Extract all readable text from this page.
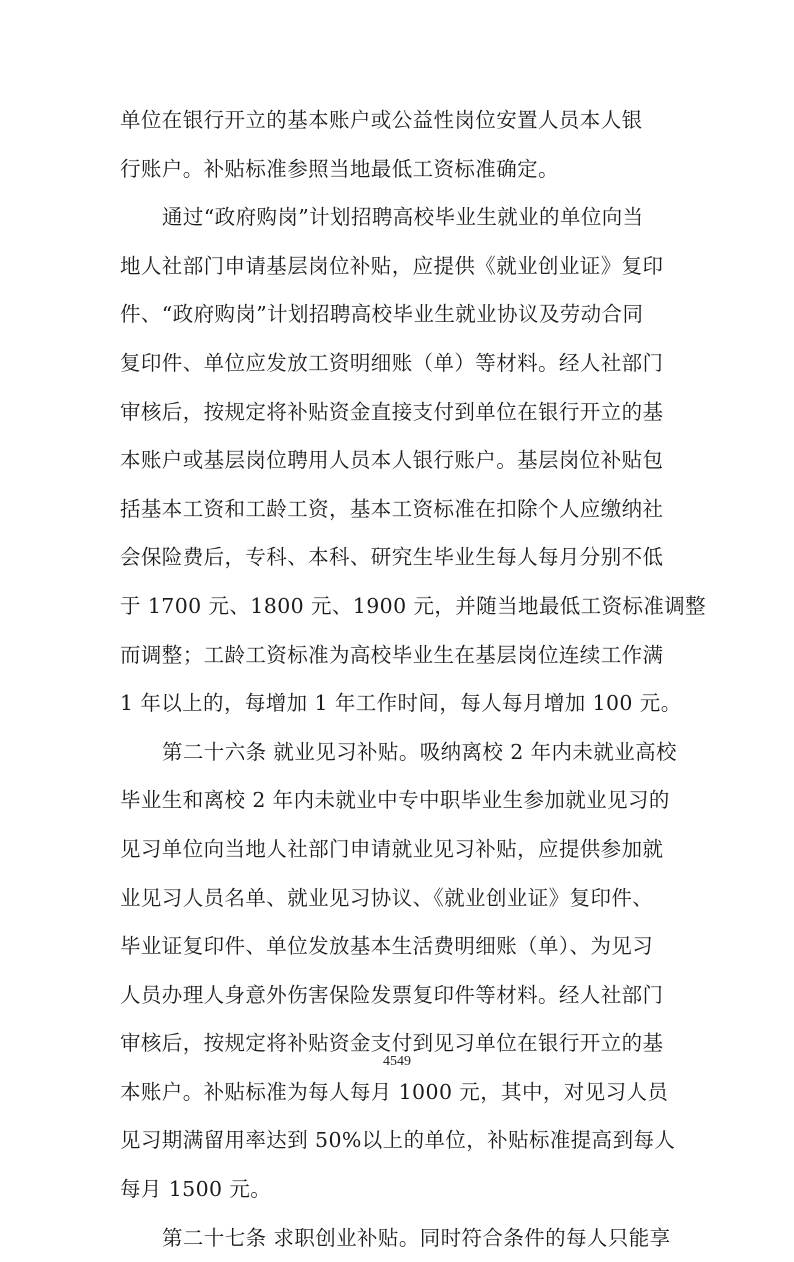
单位在银行开立的基本账户或公益性岗位安置人员本人银
行账户。补贴标准参照当地最低工资标准确定。
通过“政府购岗”计划招聘高校毕业生就业的单位向当
地人社部门申请基层岗位补贴，应提供《就业创业证》复印
件、“政府购岗”计划招聘高校毕业生就业协议及劳动合同
复印件、单位应发放工资明细账（单）等材料。经人社部门
审核后，按规定将补贴资金直接支付到单位在银行开立的基
本账户或基层岗位聘用人员本人银行账户。基层岗位补贴包
括基本工资和工龄工资，基本工资标准在扣除个人应缴纳社
会保险费后，专科、本科、研究生毕业生每人每月分别不低
于 1700 元、1800 元、1900 元，并随当地最低工资标准调整
而调整；工龄工资标准为高校毕业生在基层岗位连续工作满
1 年以上的，每增加 1 年工作时间，每人每月增加 100 元。
第二十六条 就业见习补贴。吸纳离校 2 年内未就业高校
毕业生和离校 2 年内未就业中专中职毕业生参加就业见习的
见习单位向当地人社部门申请就业见习补贴，应提供参加就
业见习人员名单、就业见习协议、《就业创业证》复印件、
毕业证复印件、单位发放基本生活费明细账（单）、为见习
人员办理人身意外伤害保险发票复印件等材料。经人社部门
审核后，按规定将补贴资金支付到见习单位在银行开立的基
本账户。补贴标准为每人每月 1000 元，其中，对见习人员
见习期满留用率达到 50%以上的单位，补贴标准提高到每人
每月 1500 元。
第二十七条 求职创业补贴。同时符合条件的每人只能享
4549
